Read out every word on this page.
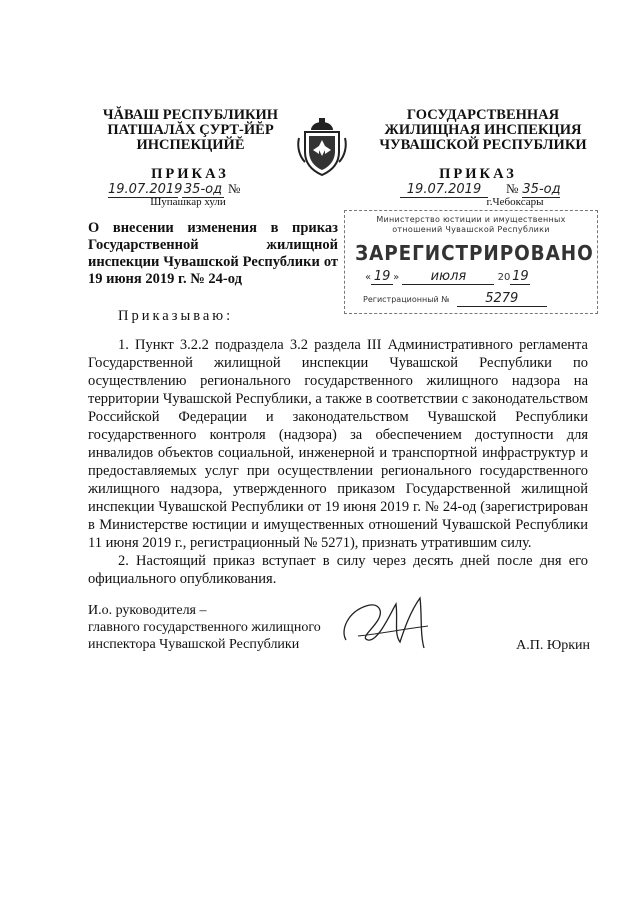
ЧĂВАШ РЕСПУБЛИКИН
ПАТШАЛĂХ ÇУРТ-ЙĔР
ИНСПЕКЦИЙĔ
ПРИКАЗ
19.07.2019 35-од №
Шупашкар хули
ГОСУДАРСТВЕННАЯ
ЖИЛИЩНАЯ ИНСПЕКЦИЯ
ЧУВАШСКОЙ РЕСПУБЛИКИ
ПРИКАЗ
19.07.2019 № 35-од
г.Чебоксары
О внесении изменения в приказ Государственной жилищной инспекции Чувашской Республики от 19 июня 2019 г. № 24-од
Министерство юстиции и имущественных
отношений Чувашской Республики
ЗАРЕГИСТРИРОВАНО
« 19 » июля	20 19
Регистрационный №	5279
Приказываю:

1. Пункт 3.2.2 подраздела 3.2 раздела III Административного регламента Государственной жилищной инспекции Чувашской Республики по осуществлению регионального государственного жилищного надзора на территории Чувашской Республики, а также в соответствии с законодательством Российской Федерации и законодательством Чувашской Республики государственного контроля (надзора) за обеспечением доступности для инвалидов объектов социальной, инженерной и транспортной инфраструктур и предоставляемых услуг при осуществлении регионального государственного жилищного надзора, утвержденного приказом Государственной жилищной инспекции Чувашской Республики от 19 июня 2019 г. № 24-од (зарегистрирован в Министерстве юстиции и имущественных отношений Чувашской Республики 11 июня 2019 г., регистрационный № 5271), признать утратившим силу.

2. Настоящий приказ вступает в силу через десять дней после дня его официального опубликования.

И.о. руководителя –
главного государственного жилищного
инспектора Чувашской Республики	А.П. Юркин
